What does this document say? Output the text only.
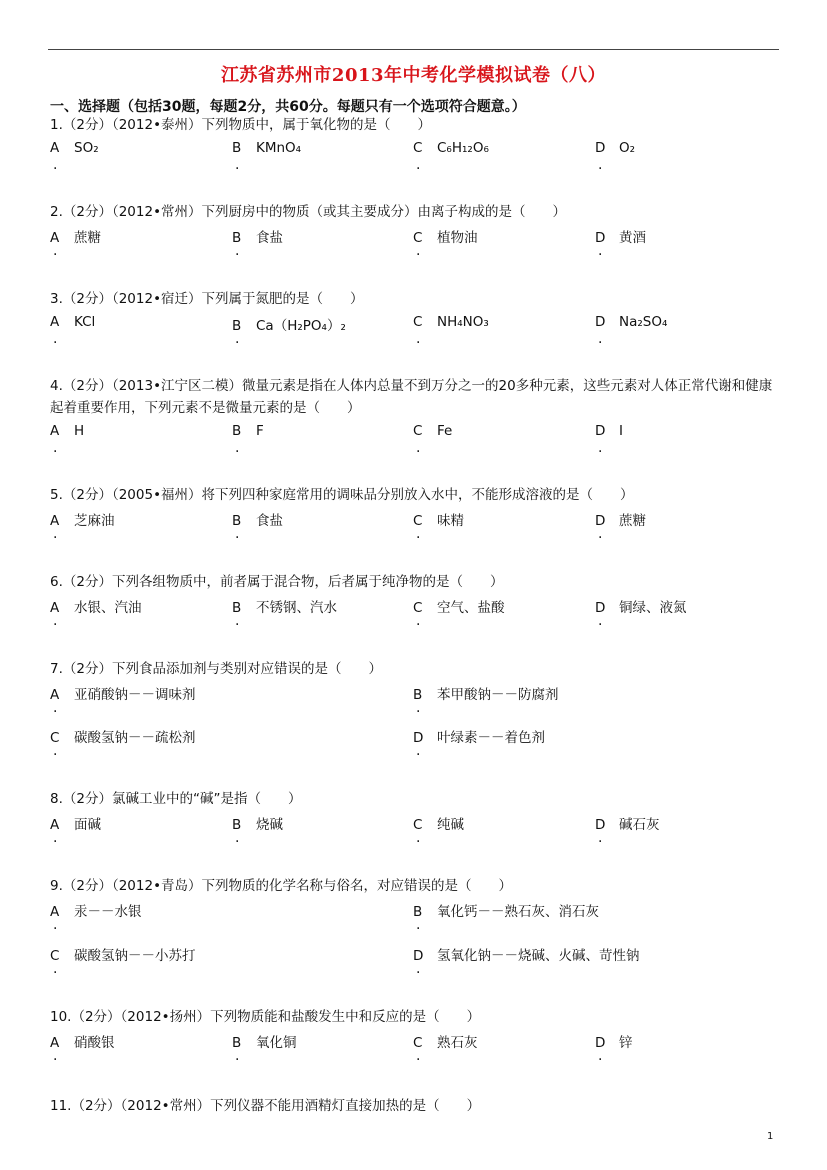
江苏省苏州市2013年中考化学模拟试卷（八）
一、选择题（包括30题，每题2分，共60分。每题只有一个选项符合题意。）
1.（2分）（2012•泰州）下列物质中，属于氧化物的是（　　）
A SO₂	B KMnO₄	C C₆H₁₂O₆	D O₂
2.（2分）（2012•常州）下列厨房中的物质（或其主要成分）由离子构成的是（　　）
A 蔗糖	B 食盐	C 植物油	D 黄酒
3.（2分）（2012•宿迁）下列属于氮肥的是（　　）
A KCl	B Ca（H₂PO₄）₂	C NH₄NO₃	D Na₂SO₄
4.（2分）（2013•江宁区二模）微量元素是指在人体内总量不到万分之一的20多种元素，这些元素对人体正常代谢和健康起着重要作用，下列元素不是微量元素的是（　　）
A H	B F	C Fe	D I
5.（2分）（2005•福州）将下列四种家庭常用的调味品分别放入水中，不能形成溶液的是（　　）
A 芝麻油	B 食盐	C 味精	D 蔗糖
6.（2分）下列各组物质中，前者属于混合物，后者属于纯净物的是（　　）
A 水银、汽油	B 不锈钢、汽水	C 空气、盐酸	D 铜绿、液氮
7.（2分）下列食品添加剂与类别对应错误的是（　　）
A 亚硝酸钠－－调味剂	B 苯甲酸钠－－防腐剂
C 碳酸氢钠－－疏松剂	D 叶绿素－－着色剂
8.（2分）氯碱工业中的“碱”是指（　　）
A 面碱	B 烧碱	C 纯碱	D 碱石灰
9.（2分）（2012•青岛）下列物质的化学名称与俗名，对应错误的是（　　）
A 汞－－水银	B 氧化钙－－熟石灰、消石灰
C 碳酸氢钠－－小苏打	D 氢氧化钠－－烧碱、火碱、苛性钠
10.（2分）（2012•扬州）下列物质能和盐酸发生中和反应的是（　　）
A 硝酸银	B 氧化铜	C 熟石灰	D 锌
11.（2分）（2012•常州）下列仪器不能用酒精灯直接加热的是（　　）
.	.	.	.
.	.	.	.
.	.	.	.
.	.	.	.
.	.	.	.
.	.	.	.
.	.
.	.
.	.	.	.
.	.
.	.
.	.	.	.
1
